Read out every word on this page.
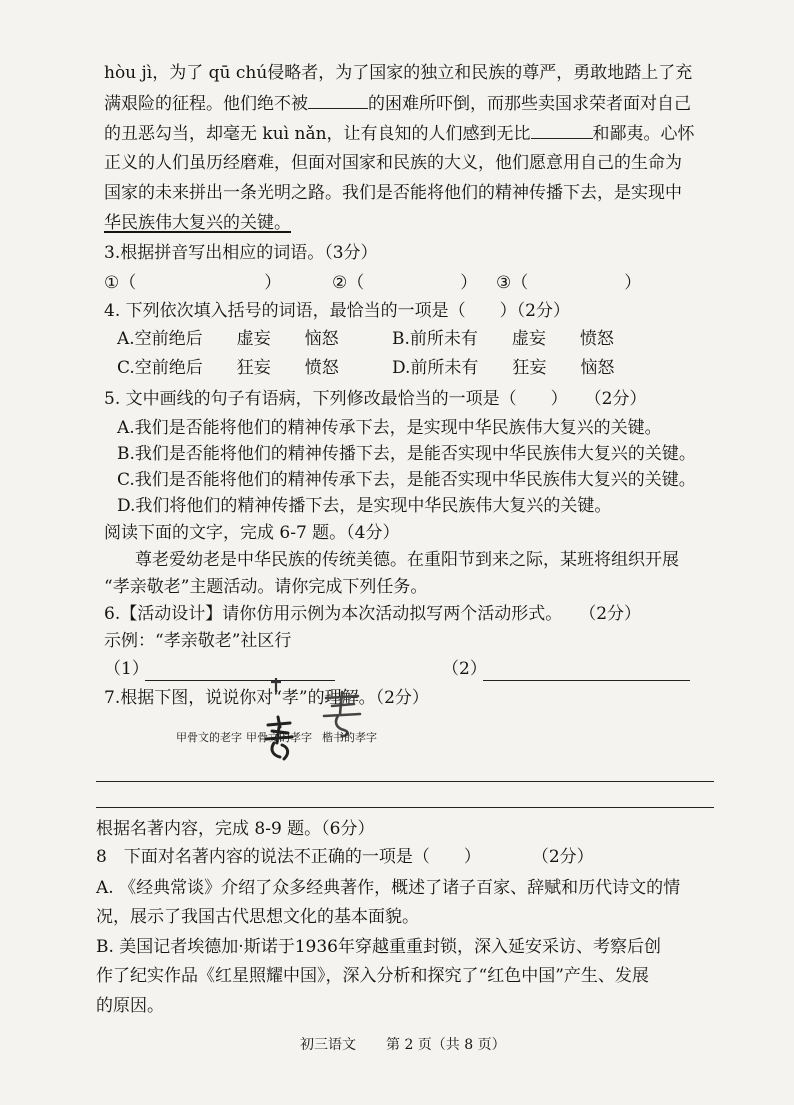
hòu jì，为了 qū chú侵略者，为了国家的独立和民族的尊严，勇敢地踏上了充
满艰险的征程。他们绝不被	的困难所吓倒，而那些卖国求荣者面对自己
的丑恶勾当，却毫无 kuì nǎn，让有良知的人们感到无比	和鄙夷。心怀
正义的人们虽历经磨难，但面对国家和民族的大义，他们愿意用自己的生命为
国家的未来拼出一条光明之路。我们是否能将他们的精神传播下去，是实现中
华民族伟大复兴的关键。
3.根据拼音写出相应的词语。（3分）
①（	）	②（	） ③（	）
4. 下列依次填入括号的词语，最恰当的一项是（　　）（2分）
A.空前绝后　　虚妄　　恼怒	B.前所未有　　虚妄　　愤怒
C.空前绝后　　狂妄　　愤怒	D.前所未有　　狂妄　　恼怒
5. 文中画线的句子有语病，下列修改最恰当的一项是（　　）　　（2分）
A.我们是否能将他们的精神传承下去，是实现中华民族伟大复兴的关键。
B.我们是否能将他们的精神传播下去，是能否实现中华民族伟大复兴的关键。
C.我们是否能将他们的精神传承下去，是能否实现中华民族伟大复兴的关键。
D.我们将他们的精神传播下去，是实现中华民族伟大复兴的关键。
阅读下面的文字，完成 6-7 题。（4分）
尊老爱幼老是中华民族的传统美德。在重阳节到来之际，某班将组织开展
“孝亲敬老”主题活动。请你完成下列任务。
6.【活动设计】请你仿用示例为本次活动拟写两个活动形式。　　（2分）
示例：“孝亲敬老”社区行
（1）	（2）
7.根据下图，说说你对“孝”的理解。（2分）
甲骨文的老字 甲骨文的孝字 楷书的孝字
根据名著内容，完成 8-9 题。（6分）
8　下面对名著内容的说法不正确的一项是（　　）　　　　（2分）
A. 《经典常谈》介绍了众多经典著作，概述了诸子百家、辞赋和历代诗文的情
况，展示了我国古代思想文化的基本面貌。
B. 美国记者埃德加·斯诺于1936年穿越重重封锁，深入延安采访、考察后创
作了纪实作品《红星照耀中国》，深入分析和探究了“红色中国”产生、发展
的原因。
初三语文 第 2 页（共 8 页）
